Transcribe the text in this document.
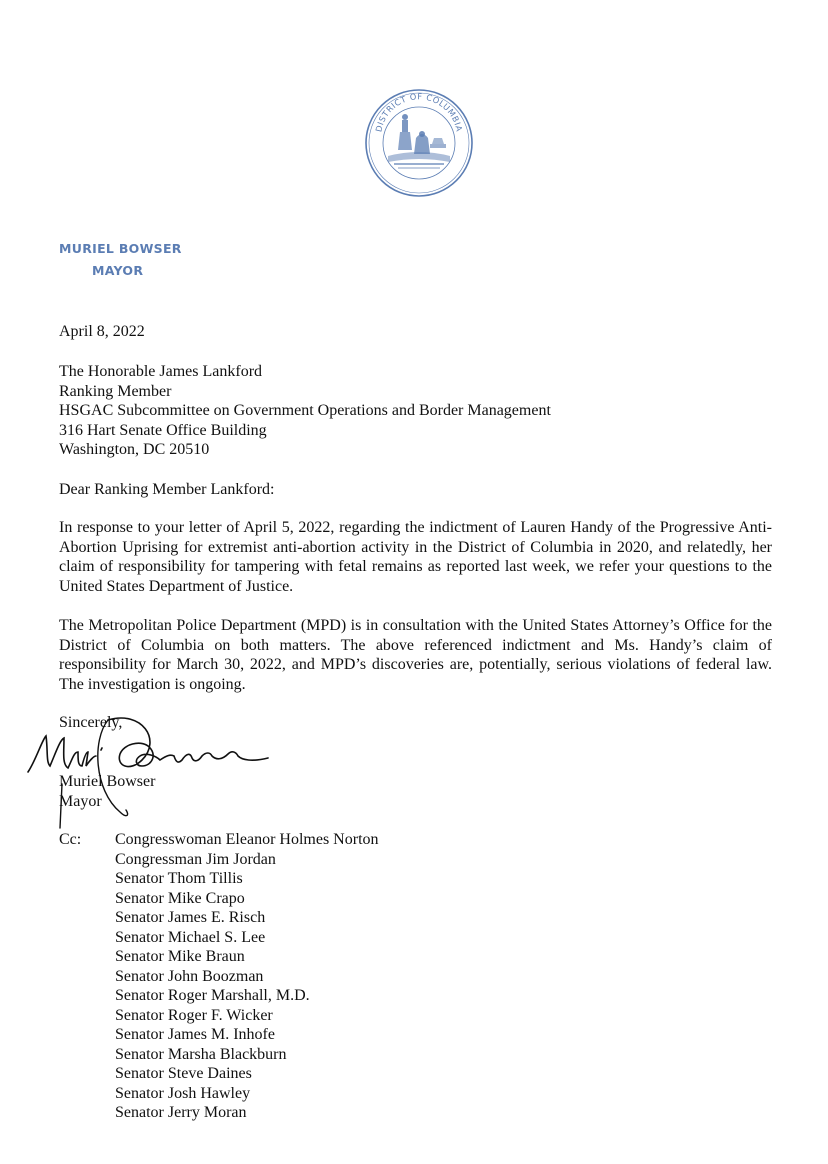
DISTRICT OF COLUMBIA
MURIEL BOWSER
MAYOR
April 8, 2022
The Honorable James Lankford
Ranking Member
HSGAC Subcommittee on Government Operations and Border Management
316 Hart Senate Office Building
Washington, DC 20510
Dear Ranking Member Lankford:
In response to your letter of April 5, 2022, regarding the indictment of Lauren Handy of the Progressive Anti-Abortion Uprising for extremist anti-abortion activity in the District of Columbia in 2020, and relatedly, her claim of responsibility for tampering with fetal remains as reported last week, we refer your questions to the United States Department of Justice.
The Metropolitan Police Department (MPD) is in consultation with the United States Attorney’s Office for the District of Columbia on both matters. The above referenced indictment and Ms. Handy’s claim of responsibility for March 30, 2022, and MPD’s discoveries are, potentially, serious violations of federal law. The investigation is ongoing.
Sincerely,
Muriel Bowser
Mayor
Cc: Congresswoman Eleanor Holmes Norton
Congressman Jim Jordan
Senator Thom Tillis
Senator Mike Crapo
Senator James E. Risch
Senator Michael S. Lee
Senator Mike Braun
Senator John Boozman
Senator Roger Marshall, M.D.
Senator Roger F. Wicker
Senator James M. Inhofe
Senator Marsha Blackburn
Senator Steve Daines
Senator Josh Hawley
Senator Jerry Moran
